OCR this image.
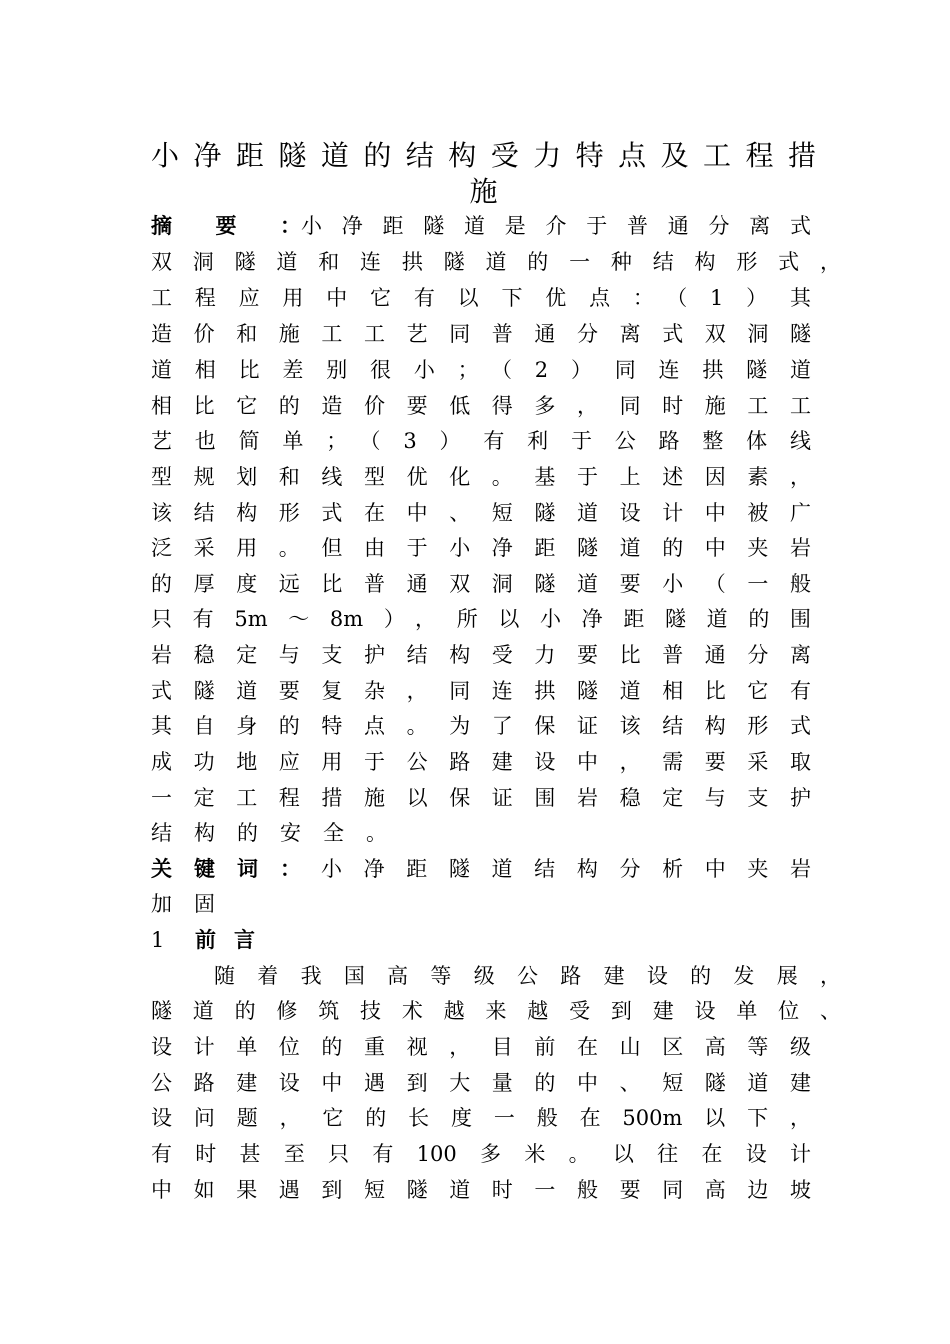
小净距隧道的结构受力特点及工程措
施
摘要：小净距隧道是介于普通分离式
双洞隧道和连拱隧道的一种结构形式，
工程应用中它有以下优点：（1）其
造价和施工工艺同普通分离式双洞隧
道相比差别很小；（2）同连拱隧道
相比它的造价要低得多，同时施工工
艺也简单；（3）有利于公路整体线
型规划和线型优化。基于上述因素，
该结构形式在中、短隧道设计中被广
泛采用。但由于小净距隧道的中夹岩
的厚度远比普通双洞隧道要小（一般
只有5m～8m），所以小净距隧道的围
岩稳定与支护结构受力要比普通分离
式隧道要复杂，同连拱隧道相比它有
其自身的特点。为了保证该结构形式
成功地应用于公路建设中，需要采取
一定工程措施以保证围岩稳定与支护
结构的安全。
关键词： 小净距隧道结构分析中夹岩
加固
1 前言
随着我国高等级公路建设的发展，
隧道的修筑技术越来越受到建设单位、
设计单位的重视，目前在山区高等级
公路建设中遇到大量的中、短隧道建
设问题，它的长度一般在500m以下，
有时甚至只有100多米。以往在设计
中如果遇到短隧道时一般要同高边坡
